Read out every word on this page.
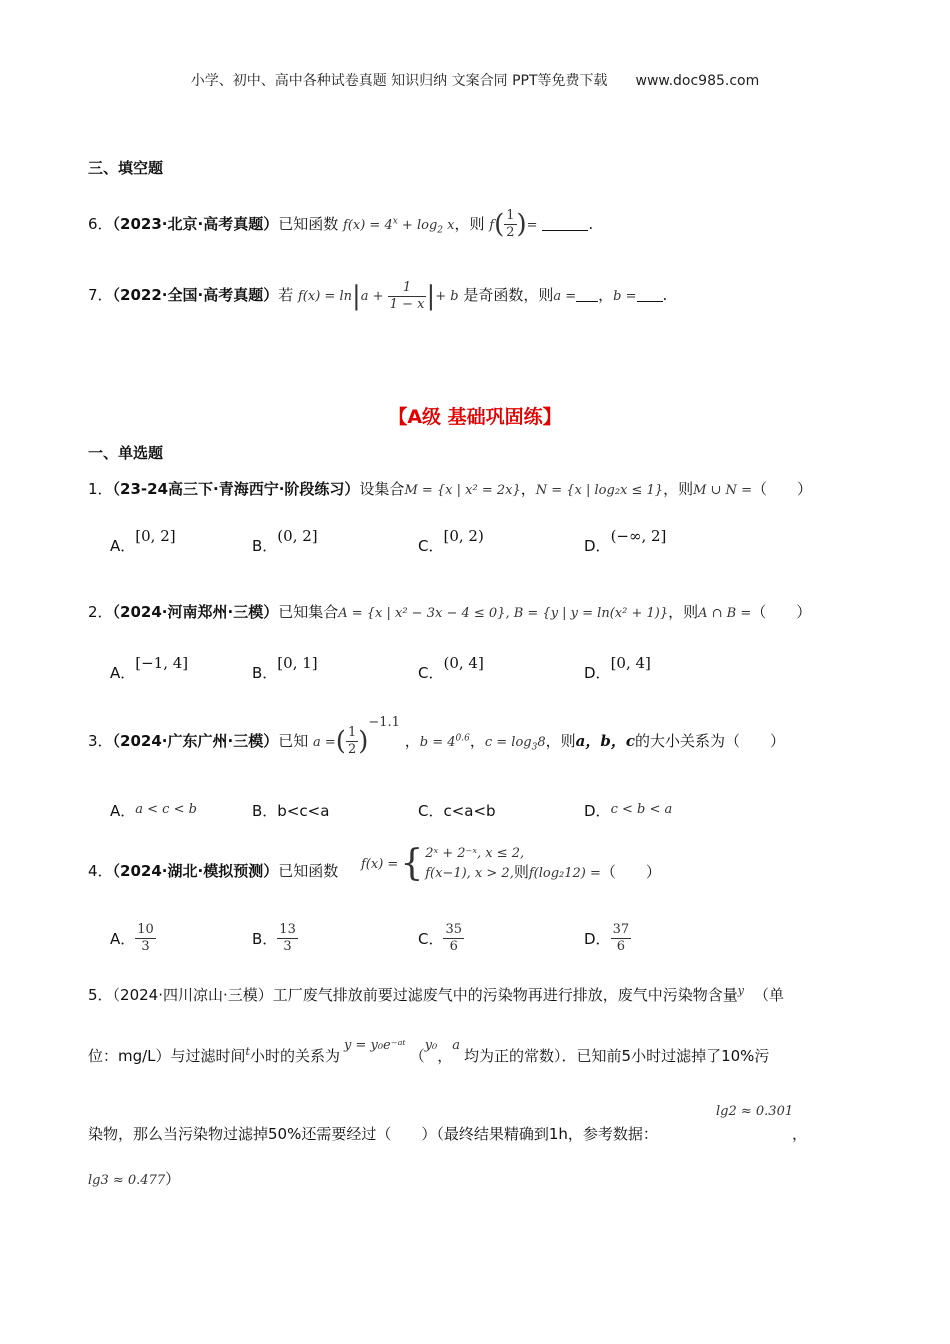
小学、初中、高中各种试卷真题 知识归纳 文案合同 PPT等免费下载 www.doc985.com
三、填空题
6．（2023·北京·高考真题）已知函数 $f(x) = 4^x + \log_2 x$，则 $f( \frac{1}{2}$ )=	.
7．（2022·全国·高考真题）若 $f(x) = \ln|a + \frac{1}{1 - x}$ |+ b 是奇函数，则a = ，b = .
【A级 基础巩固练】
一、单选题
1．（23-24高三下·青海西宁·阶段练习）设集合M = {x | x² = 2x}，N = {x | log₂x ≤ 1}，则M ∪ N =（　　）
A．[0, 2]
B．(0, 2]
C．[0, 2)
D．(−∞, 2]
2．（2024·河南郑州·三模）已知集合A = {x | x² − 3x − 4 ≤ 0}, B = {y | y = ln(x² + 1)}，则A ∩ B =（　　）
A．[−1, 4]
B．[0, 1]
C．(0, 4]
D．[0, 4]
3．（2024·广东广州·三模）已知 a =( $\frac{1}{2} )^{-1.1}$ ，$b = 4^{0.6}$，$c = \log_38$，则a，b，c的大小关系为（　　）
A．a < c < b	B．b<c<a	C．c<a<b	D．c < b < a
4．（2024·湖北·模拟预测）已知函数 f(x) = { 2ˣ + 2⁻ˣ, x ≤ 2,
f(x−1), x > 2,则f(log₂12) =（　　）
A． $\frac{10}{3}$	B． $\frac{13}{3}$	C． $\frac{35}{6}$	D． $\frac{37}{6}$
5．（2024·四川凉山·三模）工厂废气排放前要过滤废气中的污染物再进行排放，废气中污染物含量$^y$ （单
位：mg/L）与过滤时间$^t$小时的关系为y = y₀e⁻ᵃᵗ（y₀，a均为正的常数）．已知前5小时过滤掉了10%污
染物，那么当污染物过滤掉50%还需要经过（　　）（最终结果精确到1h，参考数据：
lg2 ≈ 0.301
，
lg3 ≈ 0.477）
